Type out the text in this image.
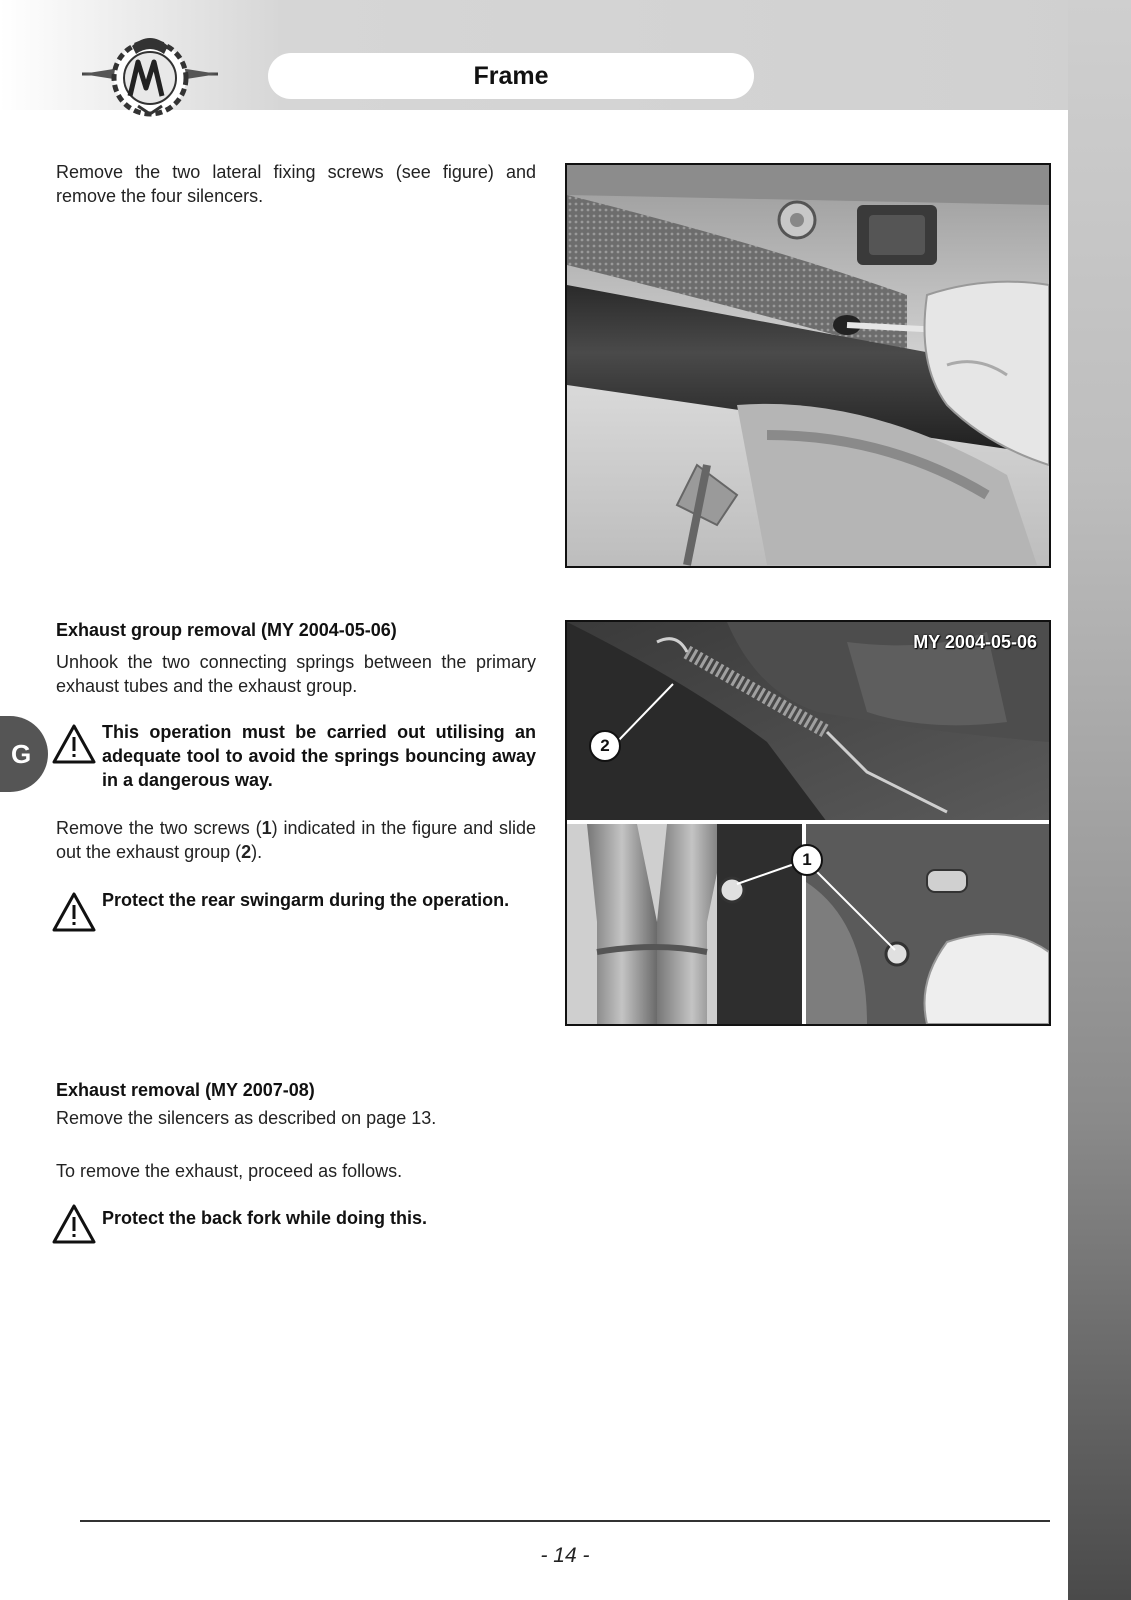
Frame
Remove the two lateral fixing screws (see figure) and remove the four silencers.
Exhaust group removal (MY 2004-05-06)
Unhook the two connecting springs between the primary exhaust tubes and the exhaust group.
G
This operation must be carried out utilising an adequate tool to avoid the springs bouncing away in a dangerous way.
Remove the two screws (1) indicated in the figure and slide out the exhaust group (2).
Protect the rear swingarm during the operation.
MY 2004-05-06
2
1
Exhaust removal (MY 2007-08)
Remove the silencers as described on page 13.
To remove the exhaust, proceed as follows.
Protect the back fork while doing this.
- 14 -
